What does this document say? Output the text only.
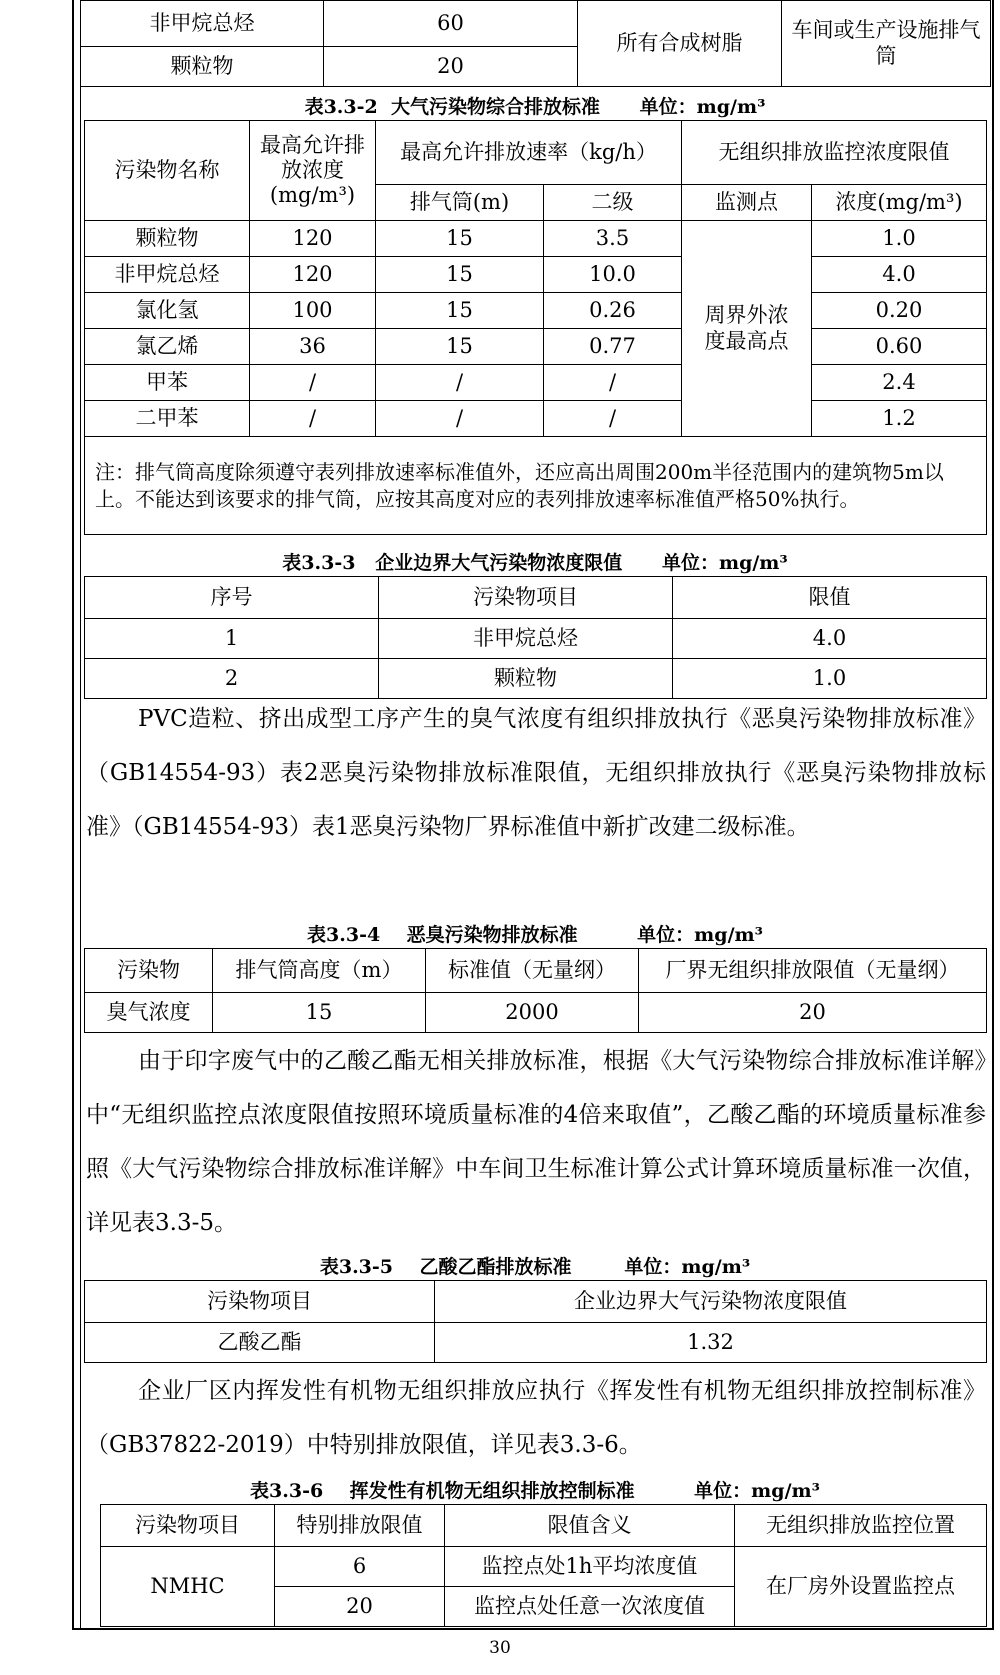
非甲烷总烃	60	所有合成树脂	车间或生产设施排气筒
颗粒物	20		
表3.3-2  大气污染物综合排放标准      单位：mg/m³
污染物名称	最高允许排放浓度(mg/m³)	最高允许排放速率（kg/h）		无组织排放监控浓度限值	
		排气筒(m)	二级	监测点	浓度(mg/m³)
颗粒物	120	15	3.5	周界外浓度最高点	1.0
非甲烷总烃	120	15	10.0		4.0
氯化氢	100	15	0.26		0.20
氯乙烯	36	15	0.77		0.60
甲苯	/	/	/		2.4
二甲苯	/	/	/		1.2
注：排气筒高度除须遵守表列排放速率标准值外，还应高出周围200m半径范围内的建筑物5m以上。不能达到该要求的排气筒，应按其高度对应的表列排放速率标准值严格50%执行。					
表3.3-3   企业边界大气污染物浓度限值      单位：mg/m³
序号	污染物项目	限值
1	非甲烷总烃	4.0
2	颗粒物	1.0
PVC造粒、挤出成型工序产生的臭气浓度有组织排放执行《恶臭污染物排放标准》（GB14554-93）表2恶臭污染物排放标准限值，无组织排放执行《恶臭污染物排放标准》（GB14554-93）表1恶臭污染物厂界标准值中新扩改建二级标准。
表3.3-4    恶臭污染物排放标准         单位：mg/m³
污染物	排气筒高度（m）	标准值（无量纲）	厂界无组织排放限值（无量纲）
臭气浓度	15	2000	20
由于印字废气中的乙酸乙酯无相关排放标准，根据《大气污染物综合排放标准详解》中“无组织监控点浓度限值按照环境质量标准的4倍来取值”，乙酸乙酯的环境质量标准参照《大气污染物综合排放标准详解》中车间卫生标准计算公式计算环境质量标准一次值，详见表3.3-5。
表3.3-5    乙酸乙酯排放标准        单位：mg/m³
污染物项目	企业边界大气污染物浓度限值
乙酸乙酯	1.32
企业厂区内挥发性有机物无组织排放应执行《挥发性有机物无组织排放控制标准》（GB37822-2019）中特别排放限值，详见表3.3-6。
表3.3-6    挥发性有机物无组织排放控制标准         单位：mg/m³
污染物项目	特别排放限值	限值含义	无组织排放监控位置
NMHC	6	监控点处1h平均浓度值	在厂房外设置监控点
	20	监控点处任意一次浓度值	
30
